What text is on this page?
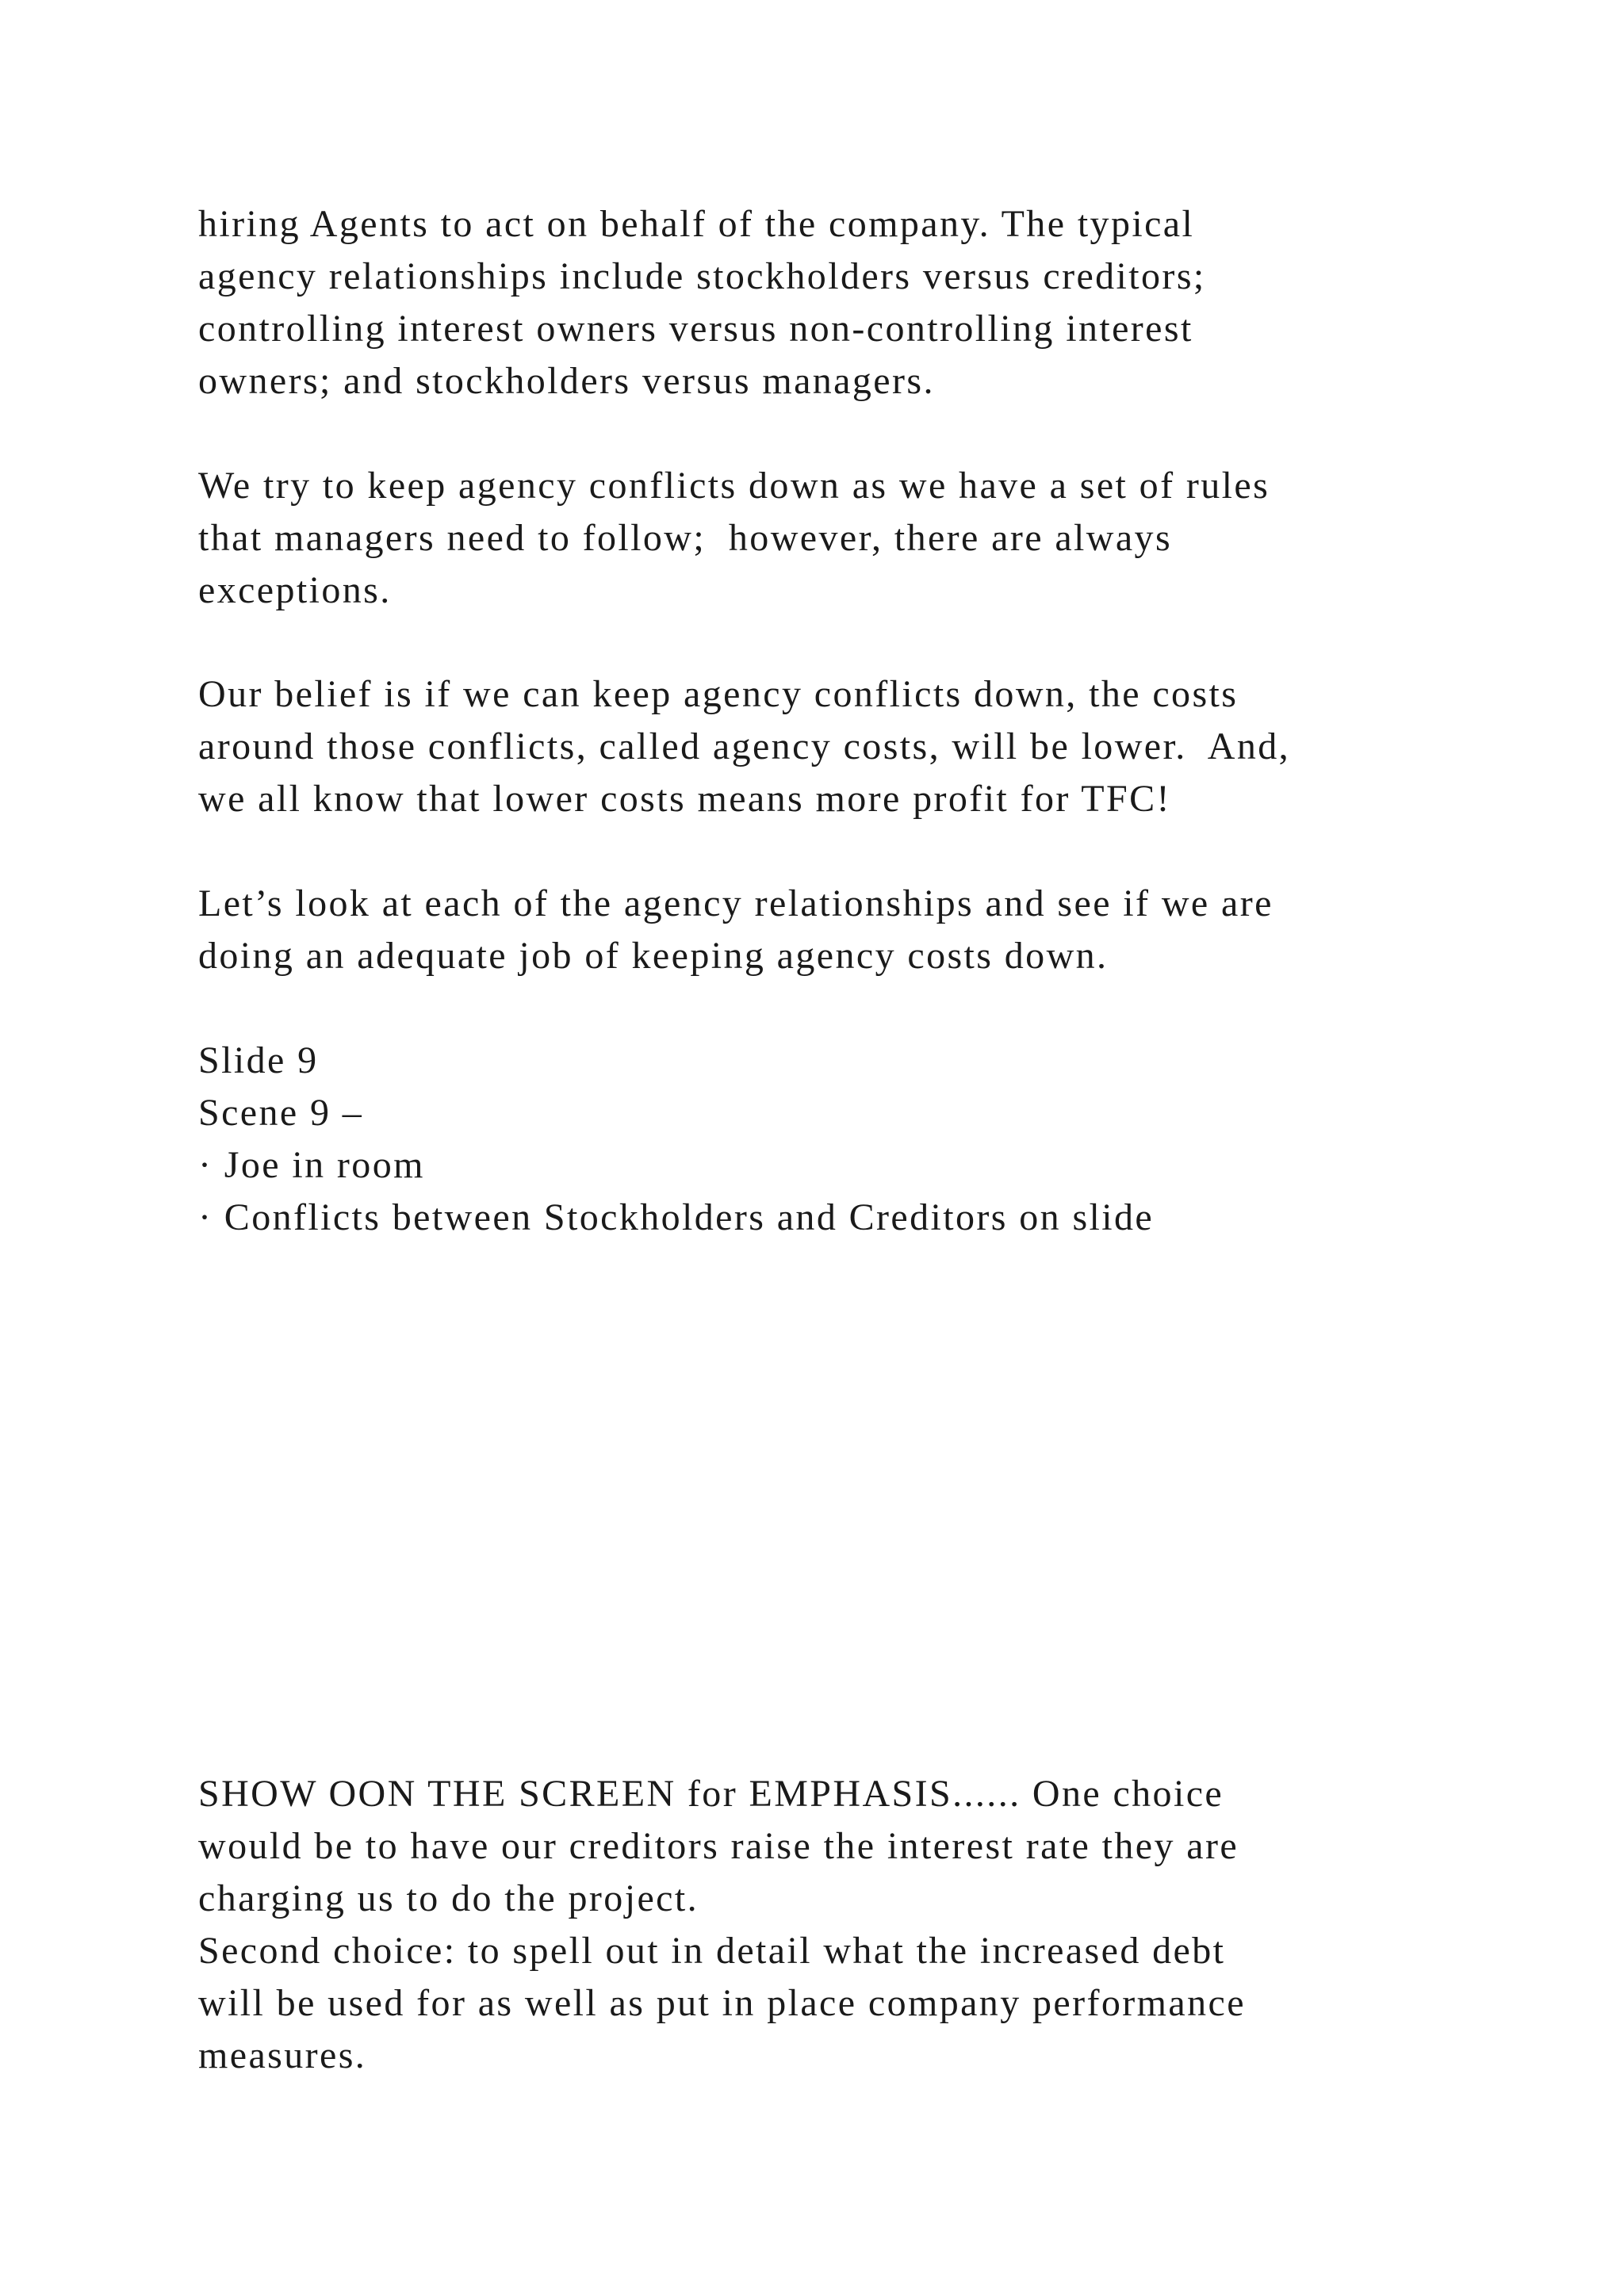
hiring Agents to act on behalf of the company. The typical
agency relationships include stockholders versus creditors;
controlling interest owners versus non-controlling interest
owners; and stockholders versus managers.

We try to keep agency conflicts down as we have a set of rules
that managers need to follow;  however, there are always
exceptions.

Our belief is if we can keep agency conflicts down, the costs
around those conflicts, called agency costs, will be lower.  And,
we all know that lower costs means more profit for TFC!

Let’s look at each of the agency relationships and see if we are
doing an adequate job of keeping agency costs down.

Slide 9
Scene 9 –
· Joe in room
· Conflicts between Stockholders and Creditors on slide

SHOW OON THE SCREEN for EMPHASIS...... One choice
would be to have our creditors raise the interest rate they are
charging us to do the project.
Second choice: to spell out in detail what the increased debt
will be used for as well as put in place company performance
measures.
